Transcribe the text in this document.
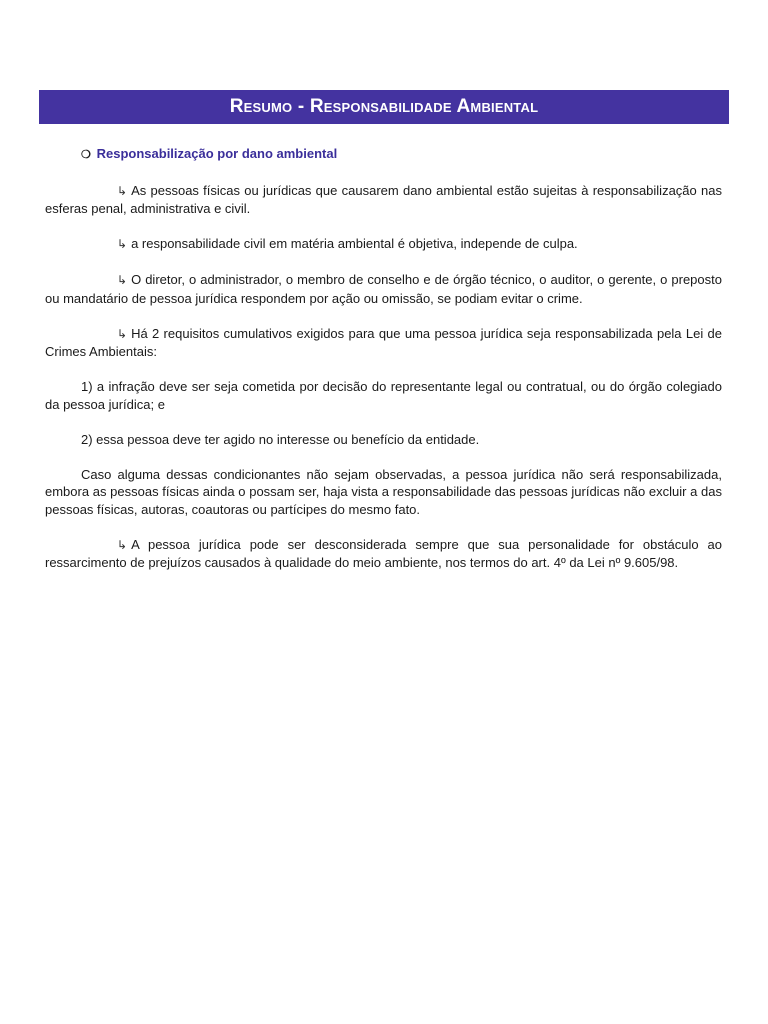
Resumo - Responsabilidade Ambiental
❍ Responsabilização por dano ambiental

↳ As pessoas físicas ou jurídicas que causarem dano ambiental estão sujeitas à responsabilização nas esferas penal, administrativa e civil.

↳ a responsabilidade civil em matéria ambiental é objetiva, independe de culpa.

↳ O diretor, o administrador, o membro de conselho e de órgão técnico, o auditor, o gerente, o preposto ou mandatário de pessoa jurídica respondem por ação ou omissão, se podiam evitar o crime.

↳ Há 2 requisitos cumulativos exigidos para que uma pessoa jurídica seja responsabilizada pela Lei de Crimes Ambientais:

1) a infração deve ser seja cometida por decisão do representante legal ou contratual, ou do órgão colegiado da pessoa jurídica; e

2) essa pessoa deve ter agido no interesse ou benefício da entidade.

Caso alguma dessas condicionantes não sejam observadas, a pessoa jurídica não será responsabilizada, embora as pessoas físicas ainda o possam ser, haja vista a responsabilidade das pessoas jurídicas não excluir a das pessoas físicas, autoras, coautoras ou partícipes do mesmo fato.

↳ A pessoa jurídica pode ser desconsiderada sempre que sua personalidade for obstáculo ao ressarcimento de prejuízos causados à qualidade do meio ambiente, nos termos do art. 4º da Lei nº 9.605/98.
